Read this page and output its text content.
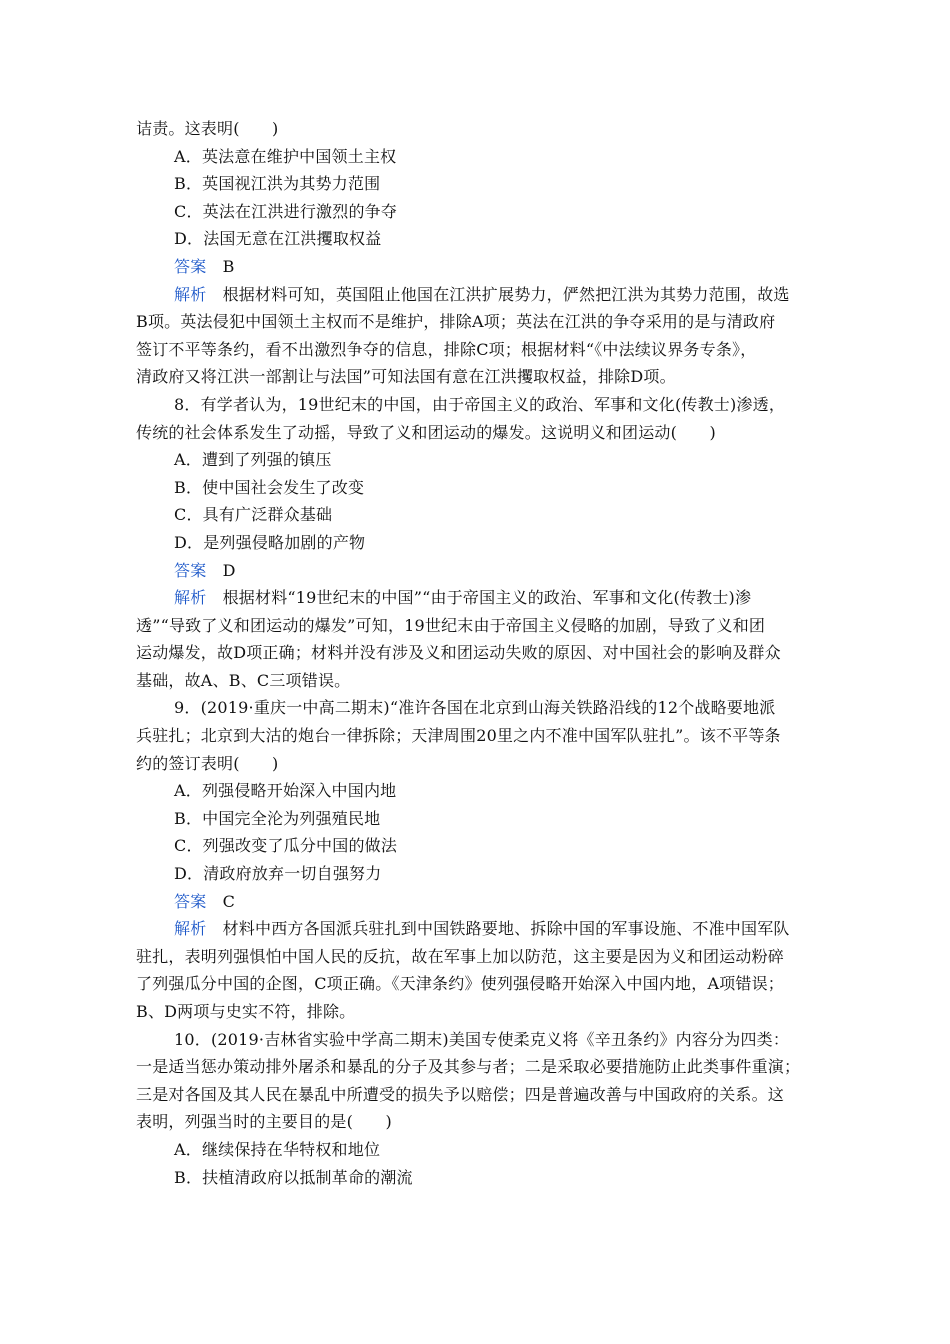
诘责。这表明(　　)
A．英法意在维护中国领土主权
B．英国视江洪为其势力范围
C．英法在江洪进行激烈的争夺
D．法国无意在江洪攫取权益
答案　 B
解析　 根据材料可知，英国阻止他国在江洪扩展势力，俨然把江洪为其势力范围，故选
B项。英法侵犯中国领土主权而不是维护，排除A项；英法在江洪的争夺采用的是与清政府
签订不平等条约，看不出激烈争夺的信息，排除C项；根据材料“《中法续议界务专条》，
清政府又将江洪一部割让与法国”可知法国有意在江洪攫取权益，排除D项。
8．有学者认为，19世纪末的中国，由于帝国主义的政治、军事和文化(传教士)渗透，
传统的社会体系发生了动摇，导致了义和团运动的爆发。这说明义和团运动(　　)
A．遭到了列强的镇压
B．使中国社会发生了改变
C．具有广泛群众基础
D．是列强侵略加剧的产物
答案　 D
解析　 根据材料“19世纪末的中国”“由于帝国主义的政治、军事和文化(传教士)渗
透”“导致了义和团运动的爆发”可知，19世纪末由于帝国主义侵略的加剧，导致了义和团
运动爆发，故D项正确；材料并没有涉及义和团运动失败的原因、对中国社会的影响及群众
基础，故A、B、C三项错误。
9．(2019·重庆一中高二期末)“准许各国在北京到山海关铁路沿线的12个战略要地派
兵驻扎；北京到大沽的炮台一律拆除；天津周围20里之内不准中国军队驻扎”。该不平等条
约的签订表明(　　)
A．列强侵略开始深入中国内地
B．中国完全沦为列强殖民地
C．列强改变了瓜分中国的做法
D．清政府放弃一切自强努力
答案　 C
解析　 材料中西方各国派兵驻扎到中国铁路要地、拆除中国的军事设施、不准中国军队
驻扎，表明列强惧怕中国人民的反抗，故在军事上加以防范，这主要是因为义和团运动粉碎
了列强瓜分中国的企图，C项正确。《天津条约》使列强侵略开始深入中国内地，A项错误；
B、D两项与史实不符，排除。
10．(2019·吉林省实验中学高二期末)美国专使柔克义将《辛丑条约》内容分为四类：
一是适当惩办策动排外屠杀和暴乱的分子及其参与者；二是采取必要措施防止此类事件重演；
三是对各国及其人民在暴乱中所遭受的损失予以赔偿；四是普遍改善与中国政府的关系。这
表明，列强当时的主要目的是(　　)
A．继续保持在华特权和地位
B．扶植清政府以抵制革命的潮流
